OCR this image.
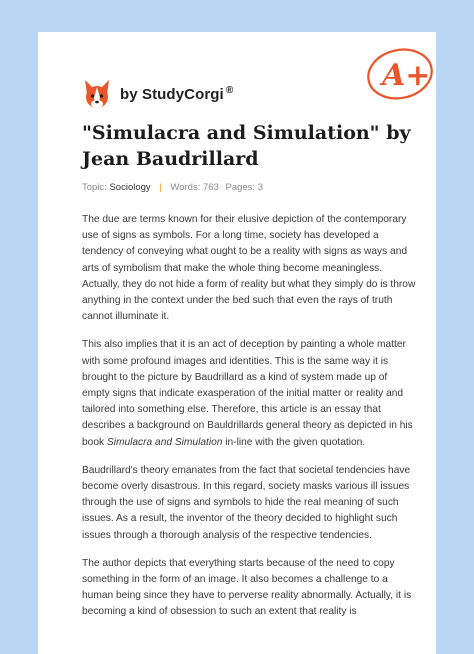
by StudyCorgi ®	A+
"Simulacra and Simulation" by Jean Baudrillard
Topic: Sociology | Words: 763 Pages: 3

The due are terms known for their elusive depiction of the contemporary use of signs as symbols. For a long time, society has developed a tendency of conveying what ought to be a reality with signs as ways and arts of symbolism that make the whole thing become meaningless. Actually, they do not hide a form of reality but what they simply do is throw anything in the context under the bed such that even the rays of truth cannot illuminate it.

This also implies that it is an act of deception by painting a whole matter with some profound images and identities. This is the same way it is brought to the picture by Baudrillard as a kind of system made up of empty signs that indicate exasperation of the initial matter or reality and tailored into something else. Therefore, this article is an essay that describes a background on Bauldrillards general theory as depicted in his book Simulacra and Simulation in-line with the given quotation.

Baudrillard's theory emanates from the fact that societal tendencies have become overly disastrous. In this regard, society masks various ill issues through the use of signs and symbols to hide the real meaning of such issues. As a result, the inventor of the theory decided to highlight such issues through a thorough analysis of the respective tendencies.

The author depicts that everything starts because of the need to copy something in the form of an image. It also becomes a challenge to a human being since they have to perverse reality abnormally. Actually, it is becoming a kind of obsession to such an extent that reality is
